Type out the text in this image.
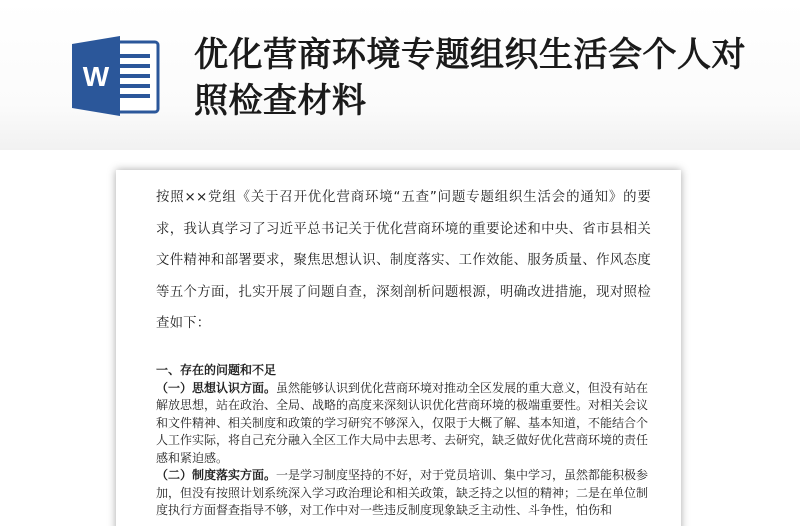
W
优化营商环境专题组织生活会个人对照检查材料
按照××党组《关于召开优化营商环境“五查”问题专题组织生活会的通知》的要求，我认真学习了习近平总书记关于优化营商环境的重要论述和中央、省市县相关文件精神和部署要求，聚焦思想认识、制度落实、工作效能、服务质量、作风态度等五个方面，扎实开展了问题自查，深刻剖析问题根源，明确改进措施，现对照检查如下：
一、存在的问题和不足
（一）思想认识方面。虽然能够认识到优化营商环境对推动全区发展的重大意义，但没有站在解放思想，站在政治、全局、战略的高度来深刻认识优化营商环境的极端重要性。对相关会议和文件精神、相关制度和政策的学习研究不够深入，仅限于大概了解、基本知道，不能结合个人工作实际，将自己充分融入全区工作大局中去思考、去研究，缺乏做好优化营商环境的责任感和紧迫感。
（二）制度落实方面。一是学习制度坚持的不好，对于党员培训、集中学习，虽然都能积极参加，但没有按照计划系统深入学习政治理论和相关政策，缺乏持之以恒的精神；二是在单位制度执行方面督查指导不够，对工作中对一些违反制度现象缺乏主动性、斗争性，怕伤和
